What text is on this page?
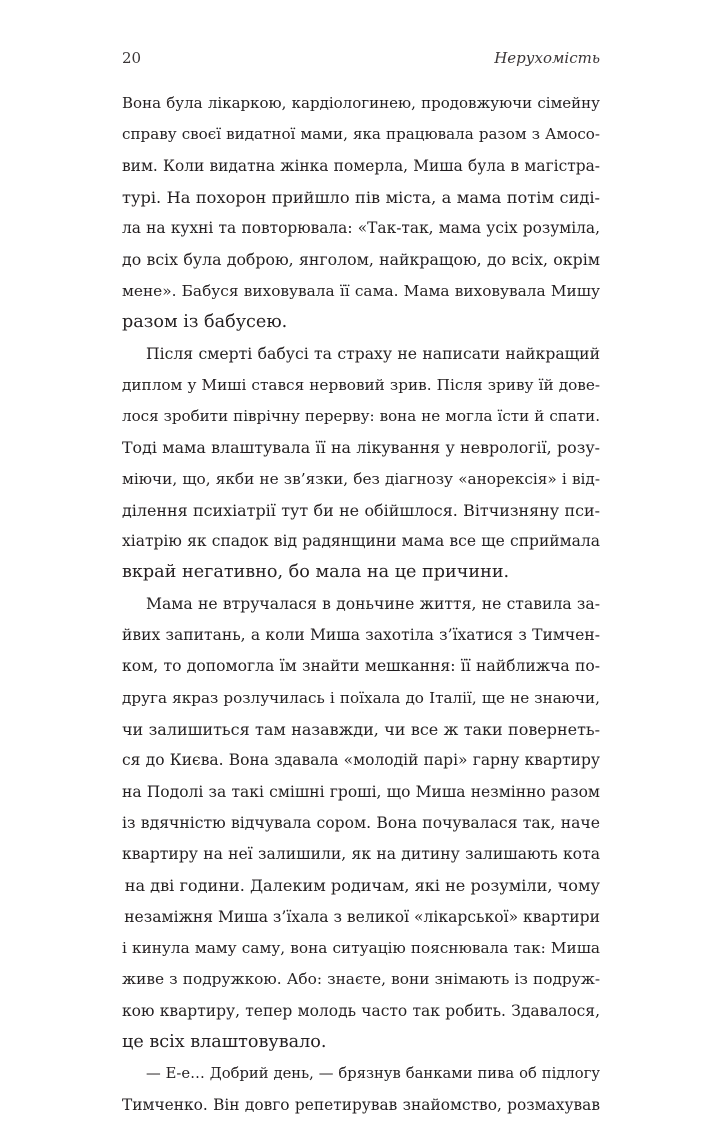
20	Нерухомість
Вона була лікаркою, кардіологинею, продовжуючи сімейну
справу своєї видатної мами, яка працювала разом з Амосо-
вим. Коли видатна жінка померла, Миша була в магістра-
турі. На похорон прийшло пів міста, а мама потім сиді-
ла на кухні та повторювала: «Так-так, мама усіх розуміла,
до всіх була доброю, янголом, найкращою, до всіх, окрім
мене». Бабуся виховувала її сама. Мама виховувала Мишу
разом із бабусею.
Після смерті бабусі та страху не написати найкращий
диплом у Миші стався нервовий зрив. Після зриву їй дове-
лося зробити піврічну перерву: вона не могла їсти й спати.
Тоді мама влаштувала її на лікування у неврології, розу-
міючи, що, якби не зв’язки, без діагнозу «анорексія» і від-
ділення психіатрії тут би не обійшлося. Вітчизняну пси-
хіатрію як спадок від радянщини мама все ще сприймала
вкрай негативно, бо мала на це причини.
Мама не втручалася в доньчине життя, не ставила за-
йвих запитань, а коли Миша захотіла з’їхатися з Тимчен-
ком, то допомогла їм знайти мешкання: її найближча по-
друга якраз розлучилась і поїхала до Італії, ще не знаючи,
чи залишиться там назавжди, чи все ж таки повернеть-
ся до Києва. Вона здавала «молодій парі» гарну квартиру
на Подолі за такі смішні гроші, що Миша незмінно разом
із вдячністю відчувала сором. Вона почувалася так, наче
квартиру на неї залишили, як на дитину залишають кота
на дві години. Далеким родичам, які не розуміли, чому
незаміжня Миша з’їхала з великої «лікарської» квартири
і кинула маму саму, вона ситуацію пояснювала так: Миша
живе з подружкою. Або: знаєте, вони знімають із подруж-
кою квартиру, тепер молодь часто так робить. Здавалося,
це всіх влаштовувало.
— Е-е… Добрий день, — брязнув банками пива об підлогу
Тимченко. Він довго репетирував знайомство, розмахував
